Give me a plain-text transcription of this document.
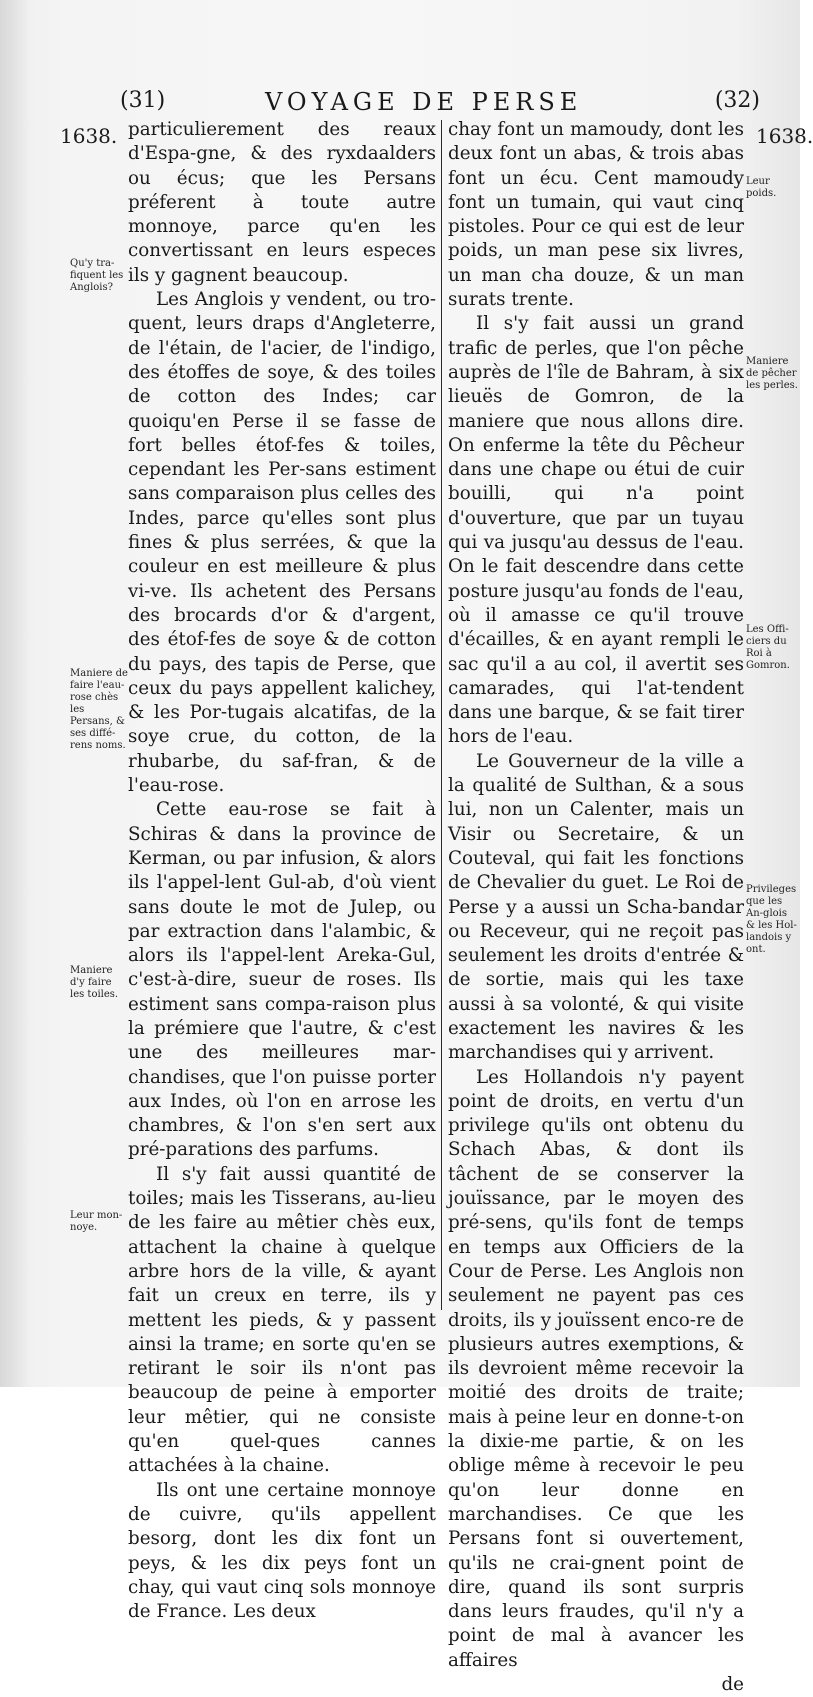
(31)	VOYAGE DE PERSE	(32)
1638.	1638.

particulierement des reaux d'Espa-gne, & des ryxdaalders ou écus; que les Persans préferent à toute autre monnoye, parce qu'en les convertissant en leurs especes ils y gagnent beaucoup.

Les Anglois y vendent, ou tro-quent, leurs draps d'Angleterre, de l'étain, de l'acier, de l'indigo, des étoffes de soye, & des toiles de cotton des Indes; car quoiqu'en Perse il se fasse de fort belles étof-fes & toiles, cependant les Per-sans estiment sans comparaison plus celles des Indes, parce qu'elles sont plus fines & plus serrées, & que la couleur en est meilleure & plus vi-ve. Ils achetent des Persans des brocards d'or & d'argent, des étof-fes de soye & de cotton du pays, des tapis de Perse, que ceux du pays appellent kalichey, & les Por-tugais alcatifas, de la soye crue, du cotton, de la rhubarbe, du saf-fran, & de l'eau-rose.

Cette eau-rose se fait à Schiras & dans la province de Kerman, ou par infusion, & alors ils l'appel-lent Gul-ab, d'où vient sans doute le mot de Julep, ou par extraction dans l'alambic, & alors ils l'appel-lent Areka-Gul, c'est-à-dire, sueur de roses. Ils estiment sans compa-raison plus la prémiere que l'autre, & c'est une des meilleures mar-chandises, que l'on puisse porter aux Indes, où l'on en arrose les chambres, & l'on s'en sert aux pré-parations des parfums.

Il s'y fait aussi quantité de toiles; mais les Tisserans, au-lieu de les faire au mêtier chès eux, attachent la chaine à quelque arbre hors de la ville, & ayant fait un creux en terre, ils y mettent les pieds, & y passent ainsi la trame; en sorte qu'en se retirant le soir ils n'ont pas beaucoup de peine à emporter leur mêtier, qui ne consiste qu'en quel-ques cannes attachées à la chaine.

Ils ont une certaine monnoye de cuivre, qu'ils appellent besorg, dont les dix font un peys, & les dix peys font un chay, qui vaut cinq sols monnoye de France. Les deux

chay font un mamoudy, dont les deux font un abas, & trois abas font un écu. Cent mamoudy font un tumain, qui vaut cinq pistoles. Pour ce qui est de leur poids, un man pese six livres, un man cha douze, & un man surats trente.

Il s'y fait aussi un grand trafic de perles, que l'on pêche auprès de l'île de Bahram, à six lieuës de Gomron, de la maniere que nous allons dire. On enferme la tête du Pêcheur dans une chape ou étui de cuir bouilli, qui n'a point d'ouverture, que par un tuyau qui va jusqu'au dessus de l'eau. On le fait descendre dans cette posture jusqu'au fonds de l'eau, où il amasse ce qu'il trouve d'écailles, & en ayant rempli le sac qu'il a au col, il avertit ses camarades, qui l'at-tendent dans une barque, & se fait tirer hors de l'eau.

Le Gouverneur de la ville a la qualité de Sulthan, & a sous lui, non un Calenter, mais un Visir ou Secretaire, & un Couteval, qui fait les fonctions de Chevalier du guet. Le Roi de Perse y a aussi un Scha-bandar ou Receveur, qui ne reçoit pas seulement les droits d'entrée & de sortie, mais qui les taxe aussi à sa volonté, & qui visite exactement les navires & les marchandises qui y arrivent.

Les Hollandois n'y payent point de droits, en vertu d'un privilege qu'ils ont obtenu du Schach Abas, & dont ils tâchent de se conserver la jouïssance, par le moyen des pré-sens, qu'ils font de temps en temps aux Officiers de la Cour de Perse. Les Anglois non seulement ne payent pas ces droits, ils y jouïssent enco-re de plusieurs autres exemptions, & ils devroient même recevoir la moitié des droits de traite; mais à peine leur en donne-t-on la dixie-me partie, & on les oblige même à recevoir le peu qu'on leur donne en marchandises. Ce que les Persans font si ouvertement, qu'ils ne crai-gnent point de dire, quand ils sont surpris dans leurs fraudes, qu'il n'y a point de mal à avancer les affaires

de

Qu'y tra-fiquent les Anglois?
Maniere de faire l'eau-rose chès les Persans, & ses diffé-rens noms.
Maniere d'y faire les toiles.
Leur mon-noye.
Leur poids.
Maniere de pêcher les perles.
Les Offi-ciers du Roi à Gomron.
Privileges que les An-glois & les Hol-landois y ont.
